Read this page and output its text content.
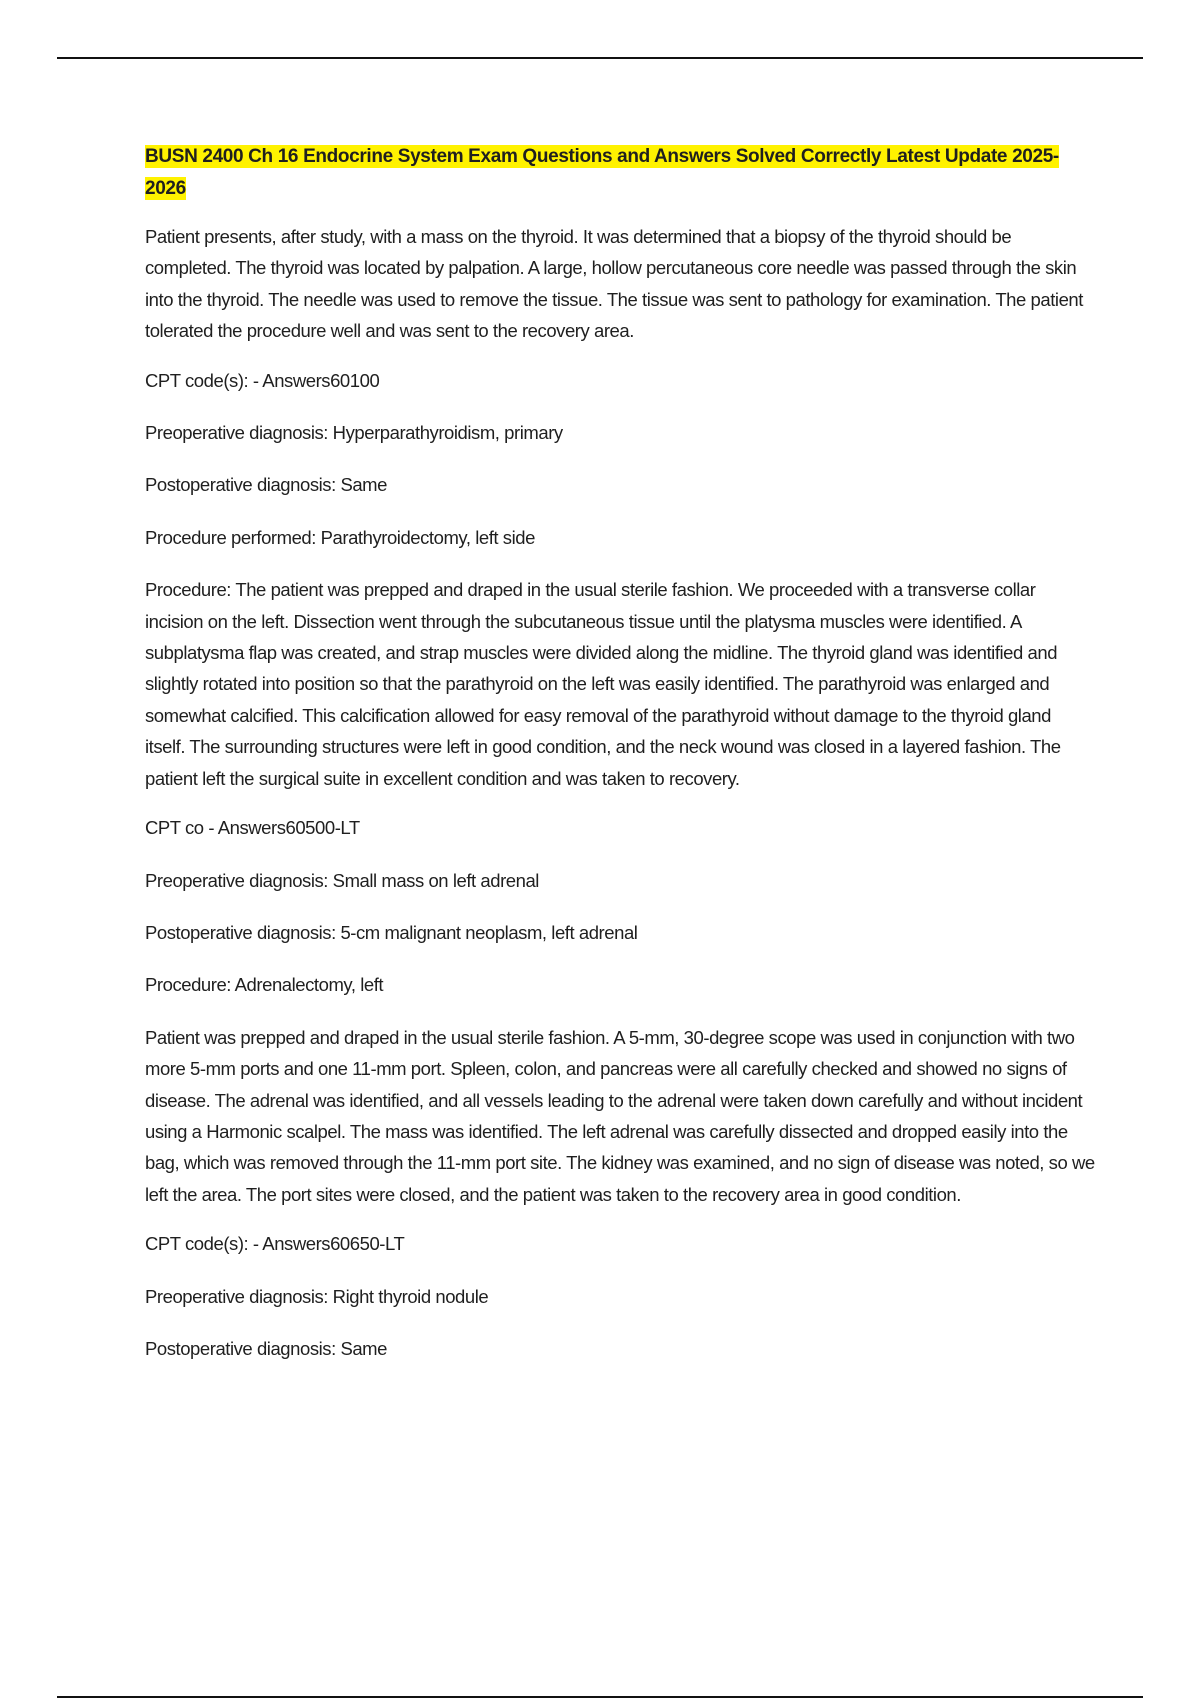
BUSN 2400 Ch 16 Endocrine System Exam Questions and Answers Solved Correctly Latest Update 2025-2026

Patient presents, after study, with a mass on the thyroid. It was determined that a biopsy of the thyroid should be completed. The thyroid was located by palpation. A large, hollow percutaneous core needle was passed through the skin into the thyroid. The needle was used to remove the tissue. The tissue was sent to pathology for examination. The patient tolerated the procedure well and was sent to the recovery area.

CPT code(s): - Answers60100

Preoperative diagnosis: Hyperparathyroidism, primary

Postoperative diagnosis: Same

Procedure performed: Parathyroidectomy, left side

Procedure: The patient was prepped and draped in the usual sterile fashion. We proceeded with a transverse collar incision on the left. Dissection went through the subcutaneous tissue until the platysma muscles were identified. A subplatysma flap was created, and strap muscles were divided along the midline. The thyroid gland was identified and slightly rotated into position so that the parathyroid on the left was easily identified. The parathyroid was enlarged and somewhat calcified. This calcification allowed for easy removal of the parathyroid without damage to the thyroid gland itself. The surrounding structures were left in good condition, and the neck wound was closed in a layered fashion. The patient left the surgical suite in excellent condition and was taken to recovery.

CPT co - Answers60500-LT

Preoperative diagnosis: Small mass on left adrenal

Postoperative diagnosis: 5-cm malignant neoplasm, left adrenal

Procedure: Adrenalectomy, left

Patient was prepped and draped in the usual sterile fashion. A 5-mm, 30-degree scope was used in conjunction with two more 5-mm ports and one 11-mm port. Spleen, colon, and pancreas were all carefully checked and showed no signs of disease. The adrenal was identified, and all vessels leading to the adrenal were taken down carefully and without incident using a Harmonic scalpel. The mass was identified. The left adrenal was carefully dissected and dropped easily into the bag, which was removed through the 11-mm port site. The kidney was examined, and no sign of disease was noted, so we left the area. The port sites were closed, and the patient was taken to the recovery area in good condition.

CPT code(s): - Answers60650-LT

Preoperative diagnosis: Right thyroid nodule

Postoperative diagnosis: Same
